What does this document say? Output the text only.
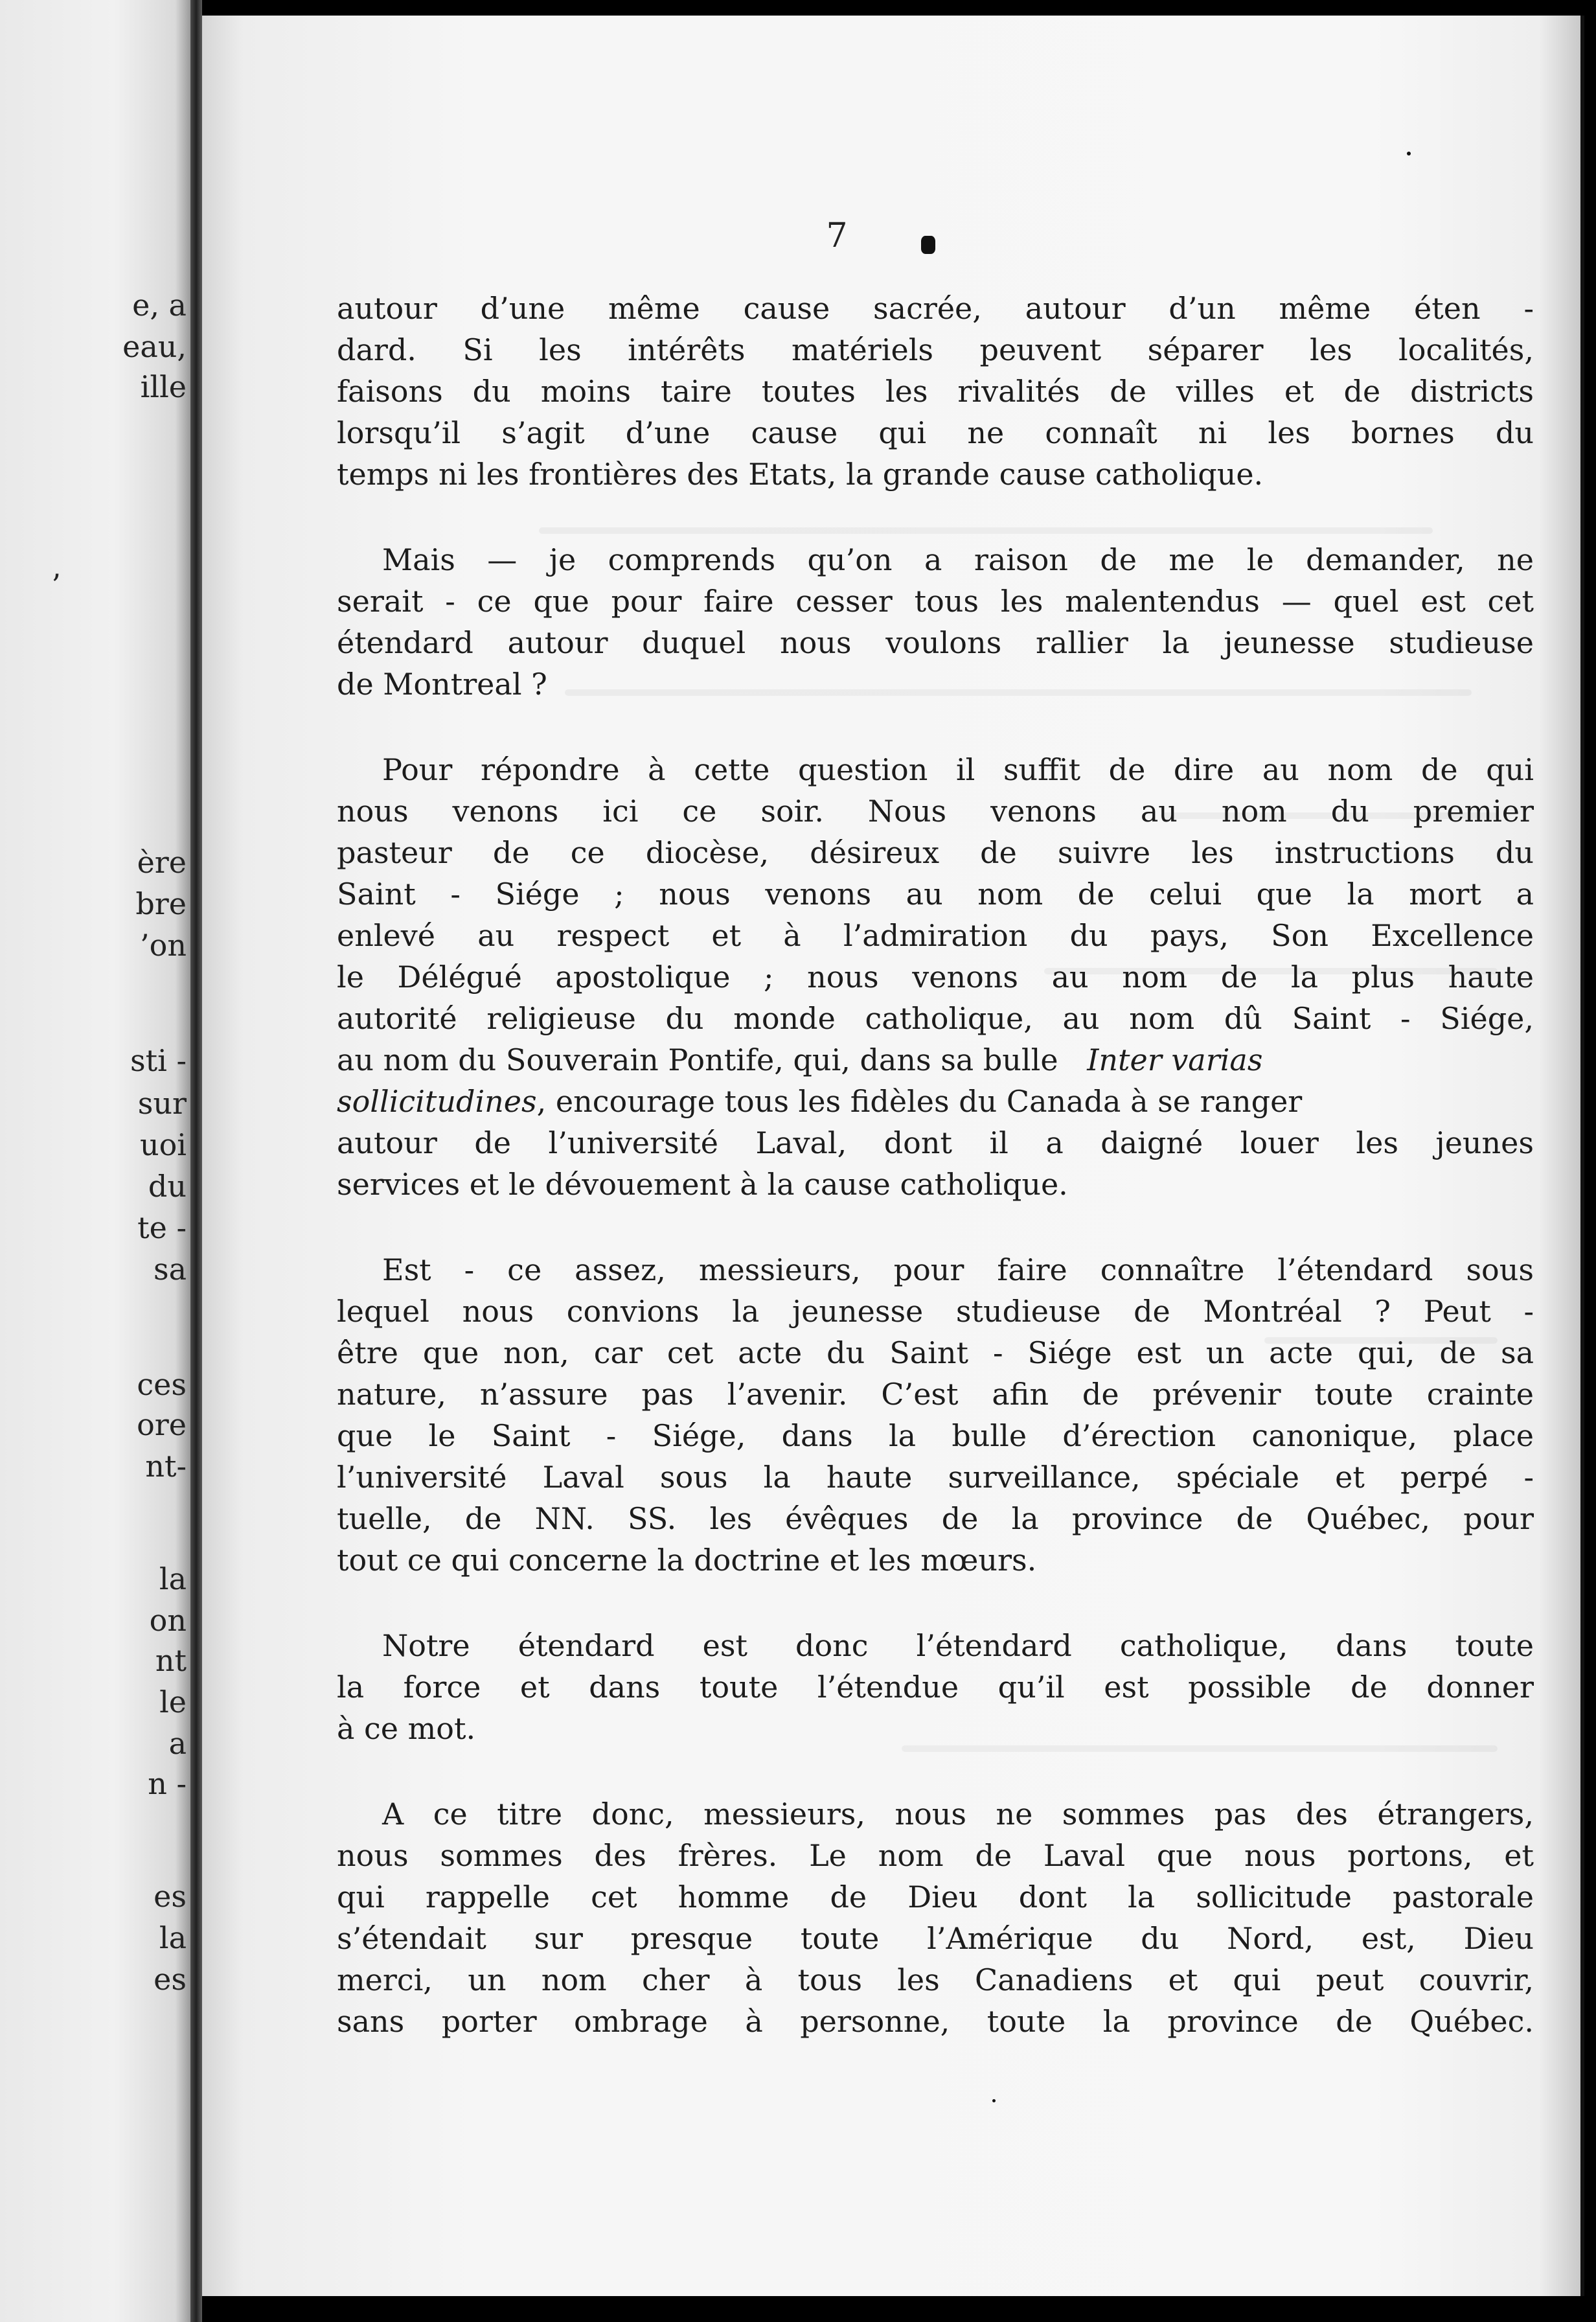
e, a
eau,
ille
’
ère
bre
’on
sti -
sur
uoi
du
te -
sa
ces
ore
nt-
la
on
nt
le
a
n -
es
la
es
7
autour d’une même cause sacrée, autour d’un même éten -
dard. Si les intérêts matériels peuvent séparer les localités,
faisons du moins taire toutes les rivalités de villes et de districts
lorsqu’il s’agit d’une cause qui ne connaît ni les bornes du
temps ni les frontières des Etats, la grande cause catholique.
Mais — je comprends qu’on a raison de me le demander, ne
serait - ce que pour faire cesser tous les malentendus — quel est cet
étendard autour duquel nous voulons rallier la jeunesse studieuse
de Montreal ?
Pour répondre à cette question il suffit de dire au nom de qui
nous venons ici ce soir. Nous venons au nom du premier
pasteur de ce diocèse, désireux de suivre les instructions du
Saint - Siége ; nous venons au nom de celui que la mort a
enlevé au respect et à l’admiration du pays, Son Excellence
le Délégué apostolique ; nous venons au nom de la plus haute
autorité religieuse du monde catholique, au nom dû Saint - Siége,
au nom du Souverain Pontife, qui, dans sa bulle Inter varias
sollicitudines, encourage tous les fidèles du Canada à se ranger
autour de l’université Laval, dont il a daigné louer les jeunes
services et le dévouement à la cause catholique.
Est - ce assez, messieurs, pour faire connaître l’étendard sous
lequel nous convions la jeunesse studieuse de Montréal ? Peut -
être que non, car cet acte du Saint - Siége est un acte qui, de sa
nature, n’assure pas l’avenir. C’est afin de prévenir toute crainte
que le Saint - Siége, dans la bulle d’érection canonique, place
l’université Laval sous la haute surveillance, spéciale et perpé -
tuelle, de NN. SS. les évêques de la province de Québec, pour
tout ce qui concerne la doctrine et les mœurs.
Notre étendard est donc l’étendard catholique, dans toute
la force et dans toute l’étendue qu’il est possible de donner
à ce mot.
A ce titre donc, messieurs, nous ne sommes pas des étrangers,
nous sommes des frères. Le nom de Laval que nous portons, et
qui rappelle cet homme de Dieu dont la sollicitude pastorale
s’étendait sur presque toute l’Amérique du Nord, est, Dieu
merci, un nom cher à tous les Canadiens et qui peut couvrir,
sans porter ombrage à personne, toute la province de Québec.
